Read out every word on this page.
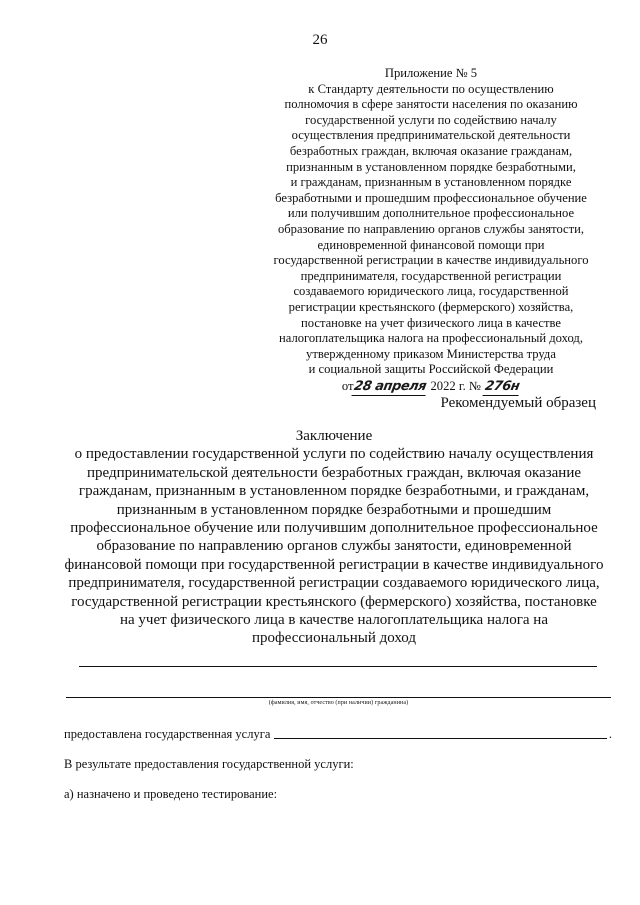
26
Приложение № 5
к Стандарту деятельности по осуществлению
полномочия в сфере занятости населения по оказанию
государственной услуги по содействию началу
осуществления предпринимательской деятельности
безработных граждан, включая оказание гражданам,
признанным в установленном порядке безработными,
и гражданам, признанным в установленном порядке
безработными и прошедшим профессиональное обучение
или получившим дополнительное профессиональное
образование по направлению органов службы занятости,
единовременной финансовой помощи при
государственной регистрации в качестве индивидуального
предпринимателя, государственной регистрации
создаваемого юридического лица, государственной
регистрации крестьянского (фермерского) хозяйства,
постановке на учет физического лица в качестве
налогоплательщика налога на профессиональный доход,
утвержденному приказом Министерства труда
и социальной защиты Российской Федерации
от28 апреля 2022 г. № 276н
Рекомендуемый образец
Заключение
о предоставлении государственной услуги по содействию началу осуществления
предпринимательской деятельности безработных граждан, включая оказание
гражданам, признанным в установленном порядке безработными, и гражданам,
признанным в установленном порядке безработными и прошедшим
профессиональное обучение или получившим дополнительное профессиональное
образование по направлению органов службы занятости, единовременной
финансовой помощи при государственной регистрации в качестве индивидуального
предпринимателя, государственной регистрации создаваемого юридического лица,
государственной регистрации крестьянского (фермерского) хозяйства, постановке
на учет физического лица в качестве налогоплательщика налога на
профессиональный доход
(фамилия, имя, отчество (при наличии) гражданина)
предоставлена государственная услуга	.
В результате предоставления государственной услуги:
а) назначено и проведено тестирование:
